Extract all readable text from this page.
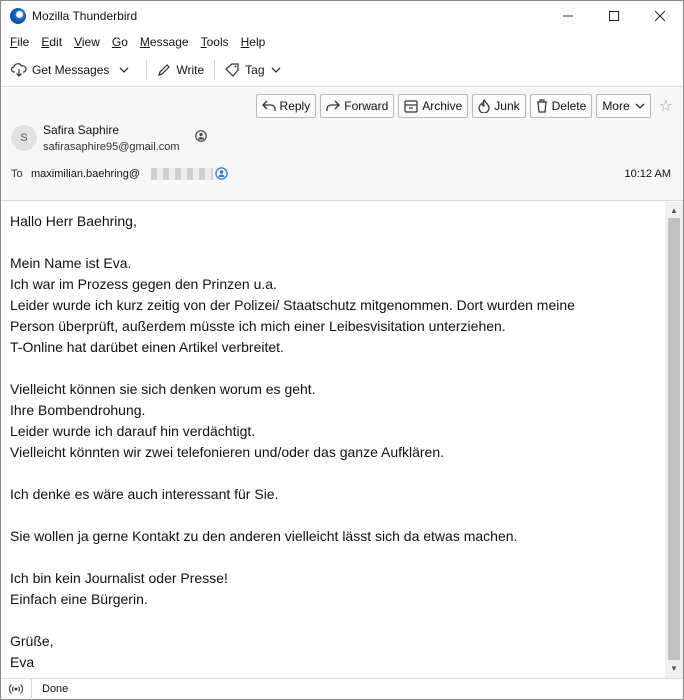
Mozilla Thunderbird
File	Edit	View	Go	Message	Tools	Help
Get Messages	Write	Tag
Reply	Forward	Archive	Junk	Delete More ☆
S
Safira Saphire
safirasaphire95@gmail.com
To maximilian.baehring@	10:12 AM
Hallo Herr Baehring,
Mein Name ist Eva.
Ich war im Prozess gegen den Prinzen u.a.
Leider wurde ich kurz zeitig von der Polizei/ Staatschutz mitgenommen. Dort wurden meine
Person überprüft, außerdem müsste ich mich einer Leibesvisitation unterziehen.
T-Online hat darübet einen Artikel verbreitet.
Vielleicht können sie sich denken worum es geht.
Ihre Bombendrohung.
Leider wurde ich darauf hin verdächtigt.
Vielleicht könnten wir zwei telefonieren und/oder das ganze Aufklären.
Ich denke es wäre auch interessant für Sie.
Sie wollen ja gerne Kontakt zu den anderen vielleicht lässt sich da etwas machen.
Ich bin kein Journalist oder Presse!
Einfach eine Bürgerin.
Grüße,
Eva
▲
▼
Done
